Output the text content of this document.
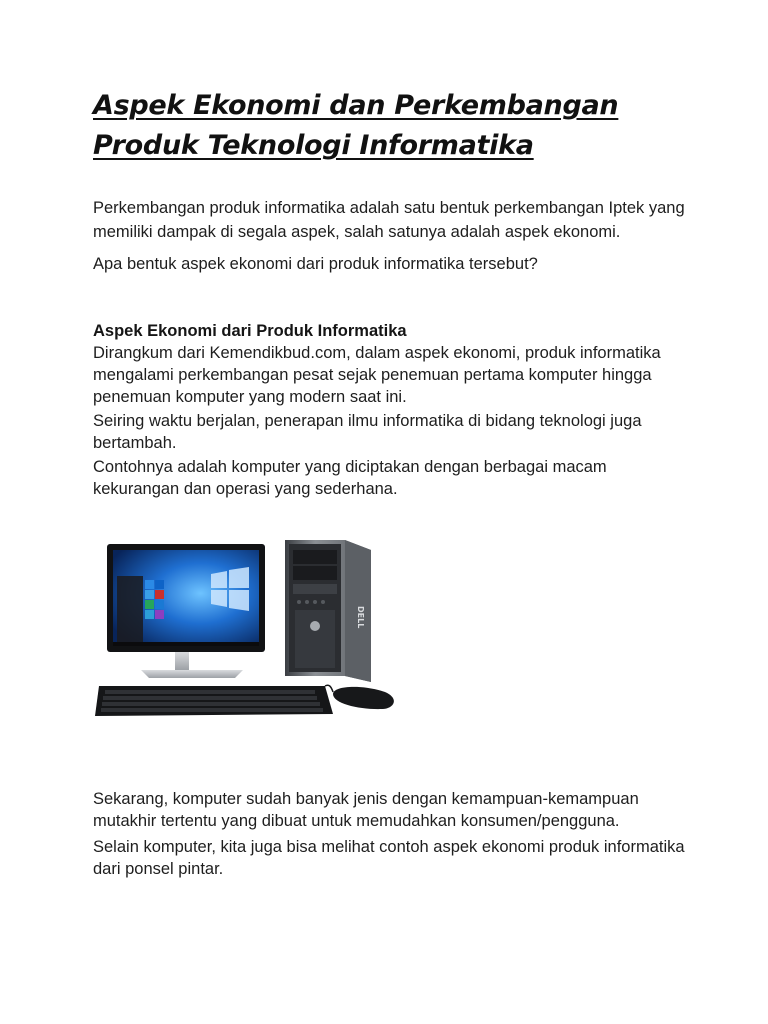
Aspek Ekonomi dan Perkembangan
Produk Teknologi Informatika

Perkembangan produk informatika adalah satu bentuk perkembangan Iptek yang memiliki dampak di segala aspek, salah satunya adalah aspek ekonomi.

Apa bentuk aspek ekonomi dari produk informatika tersebut?

Aspek Ekonomi dari Produk Informatika

Dirangkum dari Kemendikbud.com, dalam aspek ekonomi, produk informatika mengalami perkembangan pesat sejak penemuan pertama komputer hingga penemuan komputer yang modern saat ini.

Seiring waktu berjalan, penerapan ilmu informatika di bidang teknologi juga bertambah.

Contohnya adalah komputer yang diciptakan dengan berbagai macam kekurangan dan operasi yang sederhana.

DELL

Sekarang, komputer sudah banyak jenis dengan kemampuan-kemampuan mutakhir tertentu yang dibuat untuk memudahkan konsumen/pengguna.

Selain komputer, kita juga bisa melihat contoh aspek ekonomi produk informatika dari ponsel pintar.
